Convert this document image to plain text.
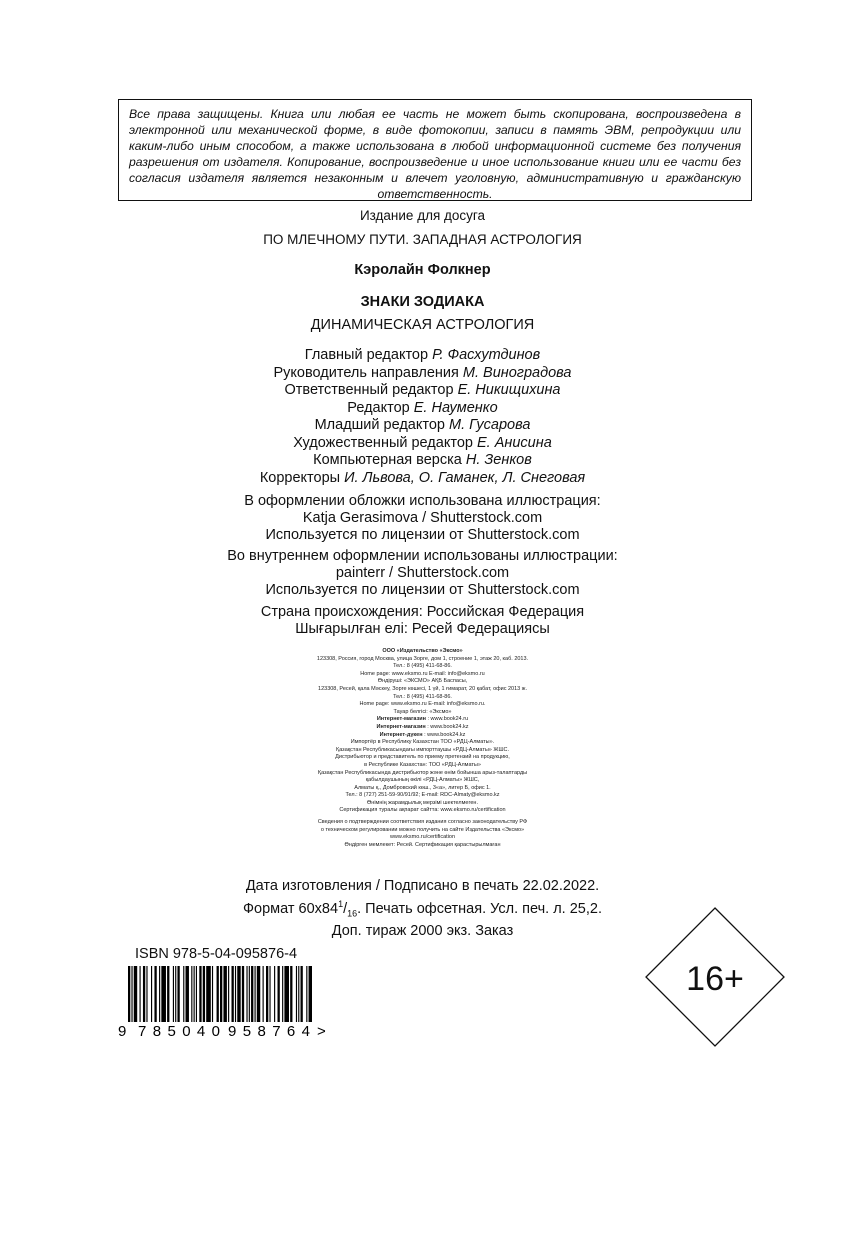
Все права защищены. Книга или любая ее часть не может быть скопирована, воспроизведена в электронной или механической форме, в виде фотокопии, записи в память ЭВМ, репродукции или каким-либо иным способом, а также использована в любой информационной системе без получения разрешения от издателя. Копирование, воспроизведение и иное использование книги или ее части без согласия издателя является незаконным и влечет уголовную, административную и гражданскую ответственность.

Издание для досуга
ПО МЛЕЧНОМУ ПУТИ. ЗАПАДНАЯ АСТРОЛОГИЯ
Кэролайн Фолкнер
ЗНАКИ ЗОДИАКА
ДИНАМИЧЕСКАЯ АСТРОЛОГИЯ
Главный редактор Р. Фасхутдинов
Руководитель направления М. Виноградова
Ответственный редактор Е. Никищихина
Редактор Е. Науменко
Младший редактор М. Гусарова
Художественный редактор Е. Анисина
Компьютерная верска Н. Зенков
Корректоры И. Львова, О. Гаманек, Л. Снеговая
В оформлении обложки использована иллюстрация:
Katja Gerasimova / Shutterstock.com
Используется по лицензии от Shutterstock.com
Во внутреннем оформлении использованы иллюстрации:
painterr / Shutterstock.com
Используется по лицензии от Shutterstock.com
Страна происхождения: Российская Федерация
Шығарылған елі: Ресей Федерациясы
ООО «Издательство «Эксмо»
123308, Россия, город Москва, улица Зорге, дом 1, строение 1, этаж 20, каб. 2013.
Тел.: 8 (495) 411-68-86.
Home page: www.eksmo.ru E-mail: info@eksmo.ru
Өндіруші: «ЭКСМО» АҚБ Баспасы,
123308, Ресей, қала Мәскеу, Зорге көшесі, 1 үй, 1 ғимарат, 20 қабат, офис 2013 ж.
Тел.: 8 (495) 411-68-86.
Home page: www.eksmo.ru E-mail: info@eksmo.ru.
Тауар белгісі: «Эксмо»
Интернет-магазин : www.book24.ru
Интернет-магазин : www.book24.kz
Интернет-дүкен : www.book24.kz
Импортёр в Республику Казахстан ТОО «РДЦ-Алматы».
Қазақстан Республикасындағы импорттаушы «РДЦ-Алматы» ЖШС.
Дистрибьютор и представитель по приему претензий на продукцию,
в Республике Казахстан: ТОО «РДЦ-Алматы»
Қазақстан Республикасында дистрибьютор және өнім бойынша арыз-талаптарды
қабылдаушының өкілі «РДЦ-Алматы» ЖШС,
Алматы қ., Домбровский көш., 3«а», литер Б, офис 1.
Тел.: 8 (727) 251-59-90/91/92; E-mail: RDC-Almaty@eksmo.kz
Өнімнің жарамдылық мерзімі шектелмеген.
Сертификация туралы ақпарат сайтта: www.eksmo.ru/certification
Сведения о подтверждении соответствия издания согласно законодательству РФ
о техническом регулировании можно получить на сайте Издательства «Эксмо»
www.eksmo.ru/certification
Өндірген мемлекет: Ресей. Сертификация қарастырылмаған
Дата изготовления / Подписано в печать 22.02.2022.
Формат $60x84^1/_{16}$. Печать офсетная. Усл. печ. л. 25,2.
Доп. тираж 2000 экз. Заказ
ISBN 978-5-04-095876-4
9 785040 958764 >
16+
